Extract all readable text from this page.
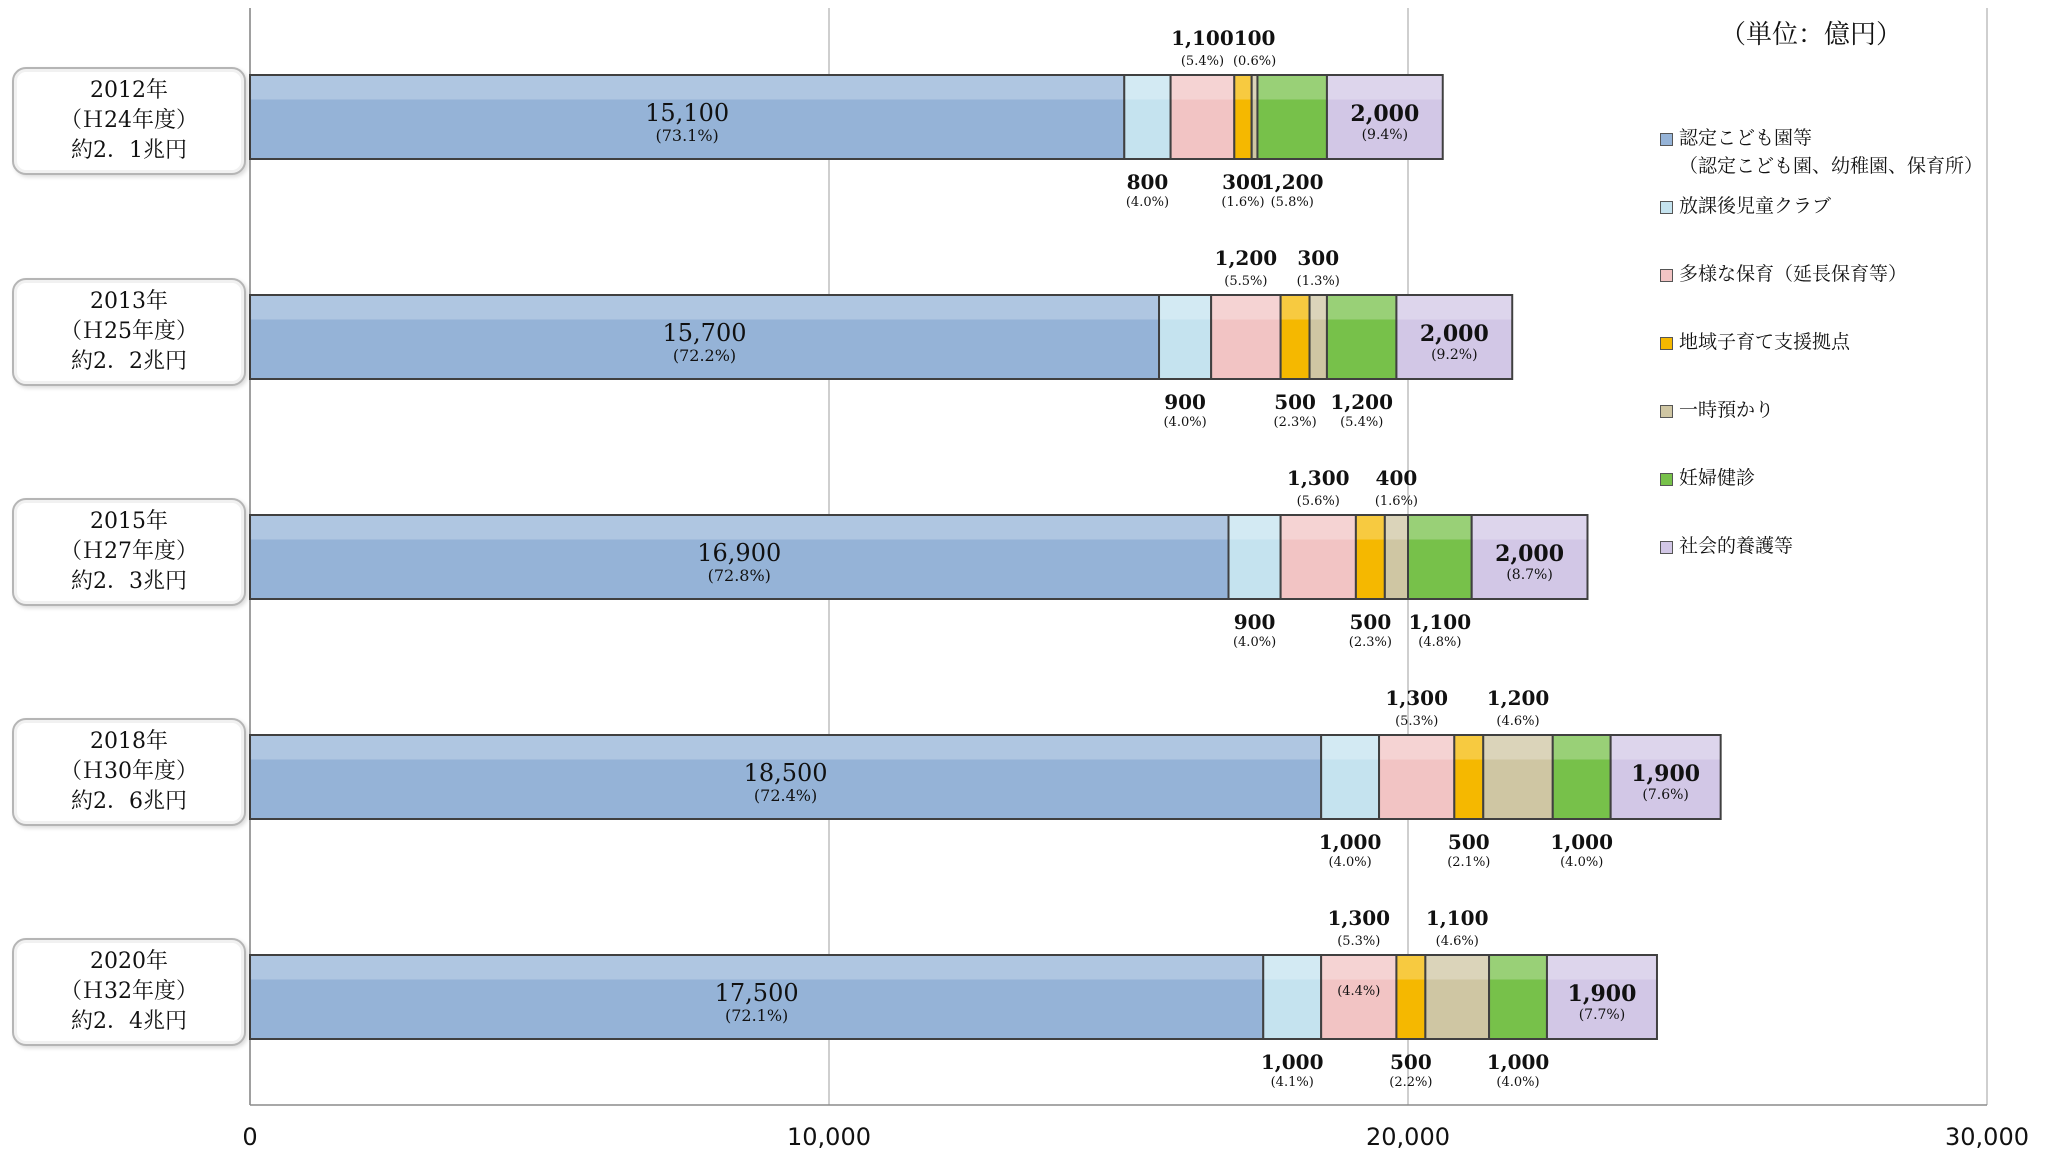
0	10,000	20,000	30,000
15,100
(73.1%)
800
(4.0%)
1,100
(5.4%)
300
(1.6%)
100
(0.6%)
1,200
(5.8%)
2,000
(9.4%)
15,700
(72.2%)
900
(4.0%)
1,200
(5.5%)
500
(2.3%)
300
(1.3%)
1,200
(5.4%)
2,000
(9.2%)
16,900
(72.8%)
900
(4.0%)
1,300
(5.6%)
500
(2.3%)
400
(1.6%)
1,100
(4.8%)
2,000
(8.7%)
18,500
(72.4%)
1,000
(4.0%)
1,300
(5.3%)
500
(2.1%)
1,200
(4.6%)
1,000
(4.0%)
1,900
(7.6%)
17,500
(72.1%)
1,000
(4.1%)
1,300
(5.3%)
(4.4%)
500
(2.2%)
1,100
(4.6%)
1,000
(4.0%)
1,900
(7.7%)
（単位：億円）
2012年
（Ｈ24年度）
約2．1兆円
2013年
（Ｈ25年度）
約2．2兆円
2015年
（Ｈ27年度）
約2．3兆円
2018年
（Ｈ30年度）
約2．6兆円
2020年
（Ｈ32年度）
約2．4兆円
認定こども園等
（認定こども園、幼稚園、保育所）
放課後児童クラブ
多様な保育（延長保育等）
地域子育て支援拠点
一時預かり
妊婦健診
社会的養護等
